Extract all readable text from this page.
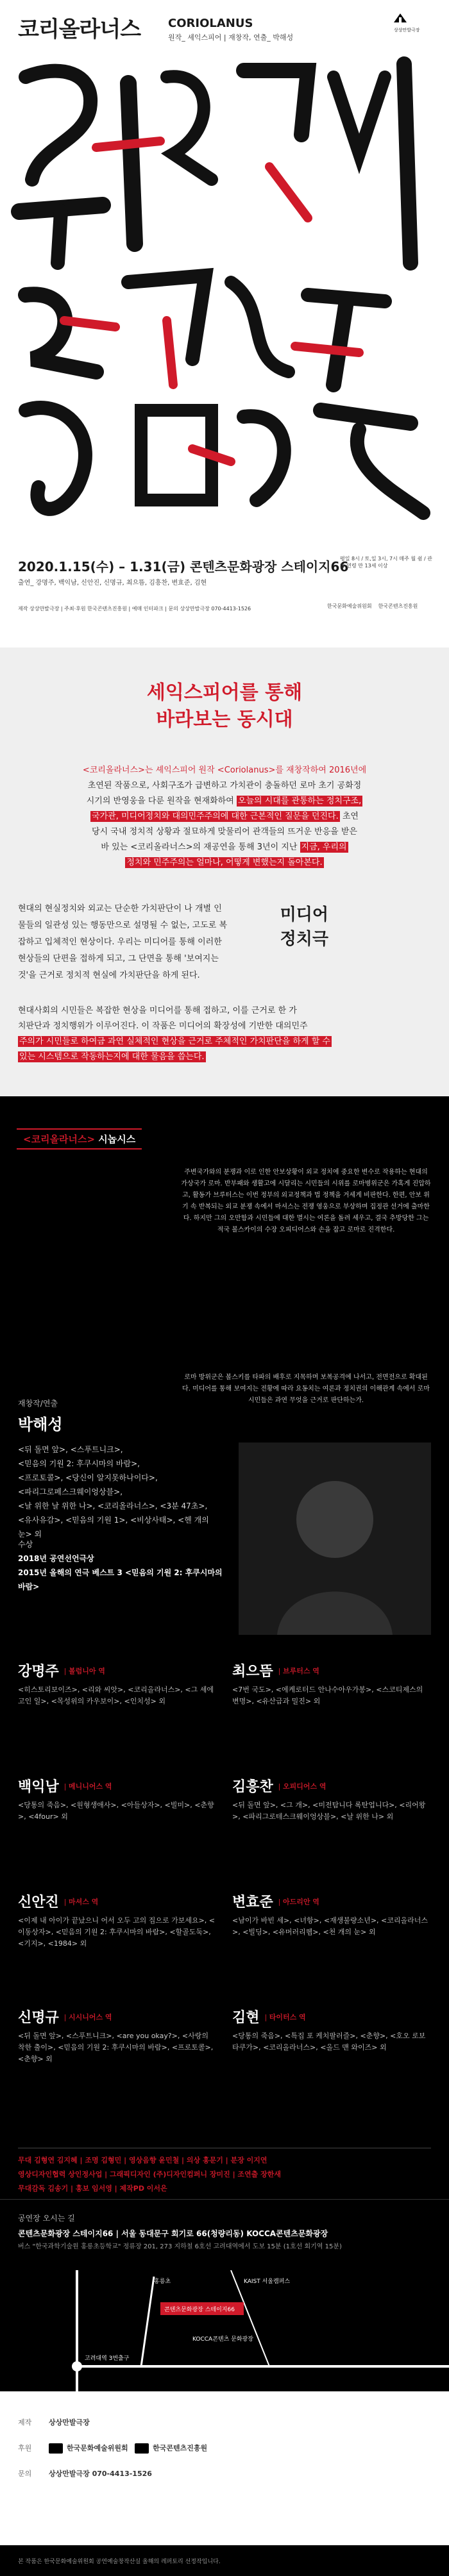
코리올라너스 CORIOLANUS
원작_ 셰익스피어 | 재창작, 연출_ 박해성
상상만발극장
2020.1.15(수) – 1.31(금) 콘텐츠문화광장 스테이지66
평일 8시 / 토,일 3시, 7시 매주 월 쉼 / 관람 연령 만 13세 이상
출연_ 강명주, 백익남, 신안진, 신명규, 최으뜸, 김흥찬, 변효준, 김현
제작 상상만발극장 | 주최·후원 한국콘텐츠진흥원 | 예매 인터파크 | 문의 상상만발극장 070-4413-1526	한국문화예술위원회 한국콘텐츠진흥원
세익스피어를 통해
바라보는 동시대
<코리올라너스>는 셰익스피어 원작 <Coriolanus>를 재창작하여 2016년에
초연된 작품으로, 사회구조가 급변하고 가치관이 충돌하던 로마 초기 공화정
시기의 반영웅을 다룬 원작을 현재화하여 오늘의 시대를 관통하는 정치구조,
국가관, 미디어정치와 대의민주주의에 대한 근본적인 질문을 던진다. 초연
당시 국내 정치적 상황과 절묘하게 맞물리어 관객들의 뜨거운 반응을 받은
바 있는 <코리올라너스>의 재공연을 통해 3년이 지난 지금, 우리의
정치와 민주주의는 얼마나, 어떻게 변했는지 돌아본다.
현대의 현실정치와 외교는 단순한 가치판단이 나 개별 인물들의 일관성 있는 행동만으로 설명될 수 없는, 고도로 복잡하고 입체적인 현상이다. 우리는 미디어를 통해 이러한 현상들의 단편을 접하게 되고, 그 단면을 통해 '보여지는 것'을 근거로 정치적 현실에 가치판단을 하게 된다.
미디어
정치극
현대사회의 시민들은 복잡한 현상을 미디어를 통해 접하고, 이를 근거로 한 가
치판단과 정치행위가 이루어진다. 이 작품은 미디어의 확장성에 기반한 대의민주
주의가 시민들로 하여금 과연 실체적인 현상을 근거로 주체적인 가치판단을 하게 할 수
있는 시스템으로 작동하는지에 대한 물음을 씁는다.
<코리올라너스> 시놉시스
주변국가와의 분쟁과 이로 인한 안보상황이 외교 정치에 중요한 변수로 작용하는 현대의 가상국가 로마. 반부패와 생활고에 시달리는 시민들의 시위를 로마병위군은 가혹게 진압하고, 활동가 브루터스는 이번 정부의 외교정책과 법 정책을 거세게 비판한다. 한편, 안보 위기 속 반복되는 외교 분쟁 속에서 마셔스는 전쟁 영웅으로 부상하며 집정관 선거에 출마한다. 하지만 그의 오만함과 시민들에 대한 멸시는 여론을 돌려 세우고, 결국 추방당한 그는 적국 볼스카이의 수장 오피디어스와 손을 잡고 로마로 진격한다.
로마 방위군은 볼스키를 타파의 배후로 지목하며 보복공격에 나서고, 전면전으로 확대된다. 미디어를 통해 보여지는 전황에 따라 요동치는 여론과 정치권의 이해관계 속에서 로마 시민들은 과연 무엇을 근거로 판단하는가.
재창작/연출
박해성
<뒤 돌면 앞>, <스푸트니크>,
<믿음의 기원 2: 후쿠시마의 바람>,
<프로토콜>, <당신이 알지못하나이다>,
<파리그로페스크웨이엉상블>,
<날 위한 날 위한 나>, <코리올라너스>, <3분 47초>,
<유사유감>, <믿음의 기원 1>, <비상사태>, <헨 개의 눈> 외
수상
2018년 공연선언극상
2015년 올해의 연극 베스트 3 <믿음의 기원 2: 후쿠시마의 바람>
강명주 | 볼럼니아 역
<히스토리보이즈>, <리와 씨앗>, <코리올라너스>, <그 셰에 고인 일>, <목성위의 카우보이>, <인치성> 외
최으뜸 | 브루터스 역
<7번 국도>, <에케로터드 안나수아우가봉>, <스코티제스의 변명>, <유산급과 밀진> 외
백익남 | 메니니어스 역
<당통의 죽음>, <원형생애사>, <아들상자>, <빌미>, <춘향>, <4four> 외
김흥찬 | 오피디어스 역
<뒤 돌면 앞>, <그 개>, <미전탐니다 록탄업니다>, <리어왕>, <파리그로테스크웨이엉상블>, <날 위한 나> 외
신안진 | 마셔스 역
<이제 내 아이가 끝났으니 어서 오두 고의 집으로 가보세요>, <이동상자>, <믿음의 기원 2: 후쿠시마의 바람>, <할골도둑>, <기지>, <1984> 외
변효준 | 아드리안 역
<남이가 바빈 세>, <녀항>, <재생불량소년>, <코리올라너스>, <빌딩>, <유머러리웹>, <천 개의 눈> 외
신명규 | 시시니어스 역
<뒤 돌면 앞>, <스푸트니크>, <are you okay?>, <사랑의 착한 출이>, <믿음의 기원 2: 후쿠시마의 바람>, <프로토콜>, <춘향> 외
김현 | 타이터스 역
<당통의 죽음>, <특집 포 케치팔러즐>, <춘향>, <호오 로보타쿠가>, <코리올라너스>, <올드 맨 와이즈> 외
무대 김형연 김지혜 | 조명 김형민 | 영상음향 윤민철 | 의상 홍문기 | 분장 이지연
영상디자인협력 상인정사업 | 그래픽디자인 (주)디자인컴퍼니 장미진 | 조연출 장한새
무대감독 김송기 | 홍보 임서영 | 제작PD 이서은
공연장 오시는 길
콘텐츠문화광장 스테이지66 | 서울 동대문구 회기로 66(청량리동) KOCCA콘텐츠문화광장
버스 "한국과학기술원 홍릉초등학교" 정류장 201, 273 지하철 6호선 고려대역에서 도보 15분 (1호선 회기역 15분)
콘텐츠문화광장 스테이지66
홍릉초	KAIST 서울캠퍼스
KOCCA콘텐츠 문화광장
고려대역 3번출구
제작 상상만발극장
후원	한국문화예술위원회	한국콘텐츠진흥원
문의 상상만발극장 070-4413-1526
본 작품은 한국문화예술위원회 공연예술창작산실 올해의 레퍼토리 선정작입니다.
